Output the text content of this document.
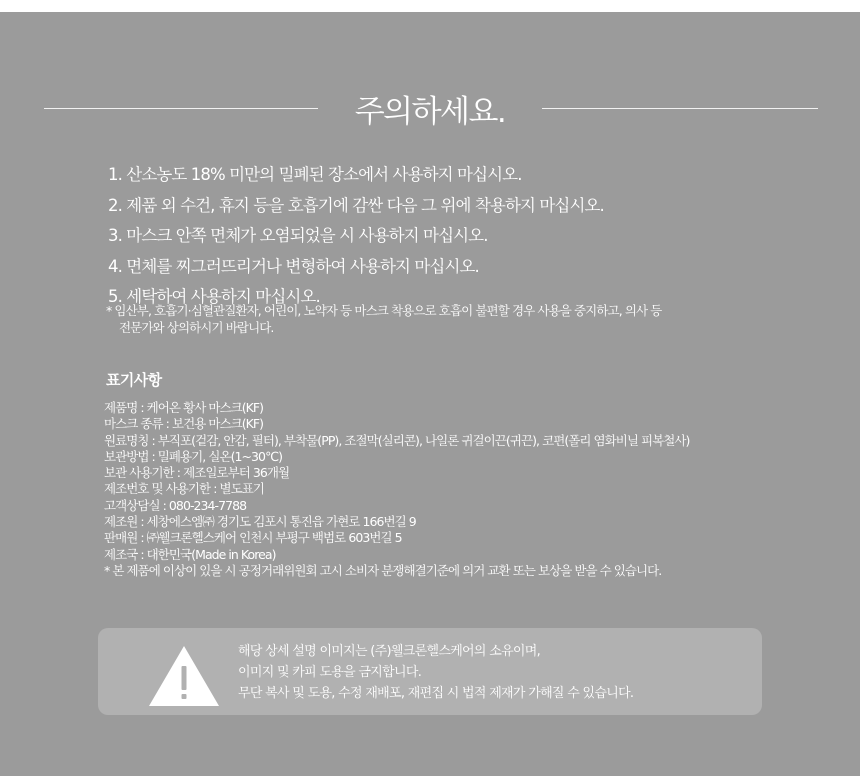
주의하세요.
1. 산소농도 18% 미만의 밀폐된 장소에서 사용하지 마십시오.
2. 제품 외 수건, 휴지 등을 호흡기에 감싼 다음 그 위에 착용하지 마십시오.
3. 마스크 안쪽 면체가 오염되었을 시 사용하지 마십시오.
4. 면체를 찌그러뜨리거나 변형하여 사용하지 마십시오.
5. 세탁하여 사용하지 마십시오.
* 임산부, 호흡기·심혈관질환자, 어린이, 노약자 등 마스크 착용으로 호흡이 불편할 경우 사용을 중지하고, 의사 등
전문가와 상의하시기 바랍니다.
표기사항
제품명 : 케어온 황사 마스크(KF)
마스크 종류 : 보건용 마스크(KF)
원료명칭 : 부직포(겉감, 안감, 필터), 부착물(PP), 조절막(실리콘), 나일론 귀걸이끈(귀끈), 코편(폴리 염화비닐 피복철사)
보관방법 : 밀폐용기, 실온(1~30℃)
보관 사용기한 : 제조일로부터 36개월
제조번호 및 사용기한 : 별도표기
고객상담실 : 080-234-7788
제조원 : 세창에스엠㈜ 경기도 김포시 통진읍 가현로 166번길 9
판매원 : ㈜웰크론헬스케어 인천시 부평구 백범로 603번길 5
제조국 : 대한민국(Made in Korea)
* 본 제품에 이상이 있을 시 공정거래위원회 고시 소비자 분쟁해결기준에 의거 교환 또는 보상을 받을 수 있습니다.
해당 상세 설명 이미지는 (주)웰크론헬스케어의 소유이며,
이미지 및 카피 도용을 금지합니다.
무단 복사 및 도용, 수정 재배포, 재편집 시 법적 제재가 가해질 수 있습니다.
